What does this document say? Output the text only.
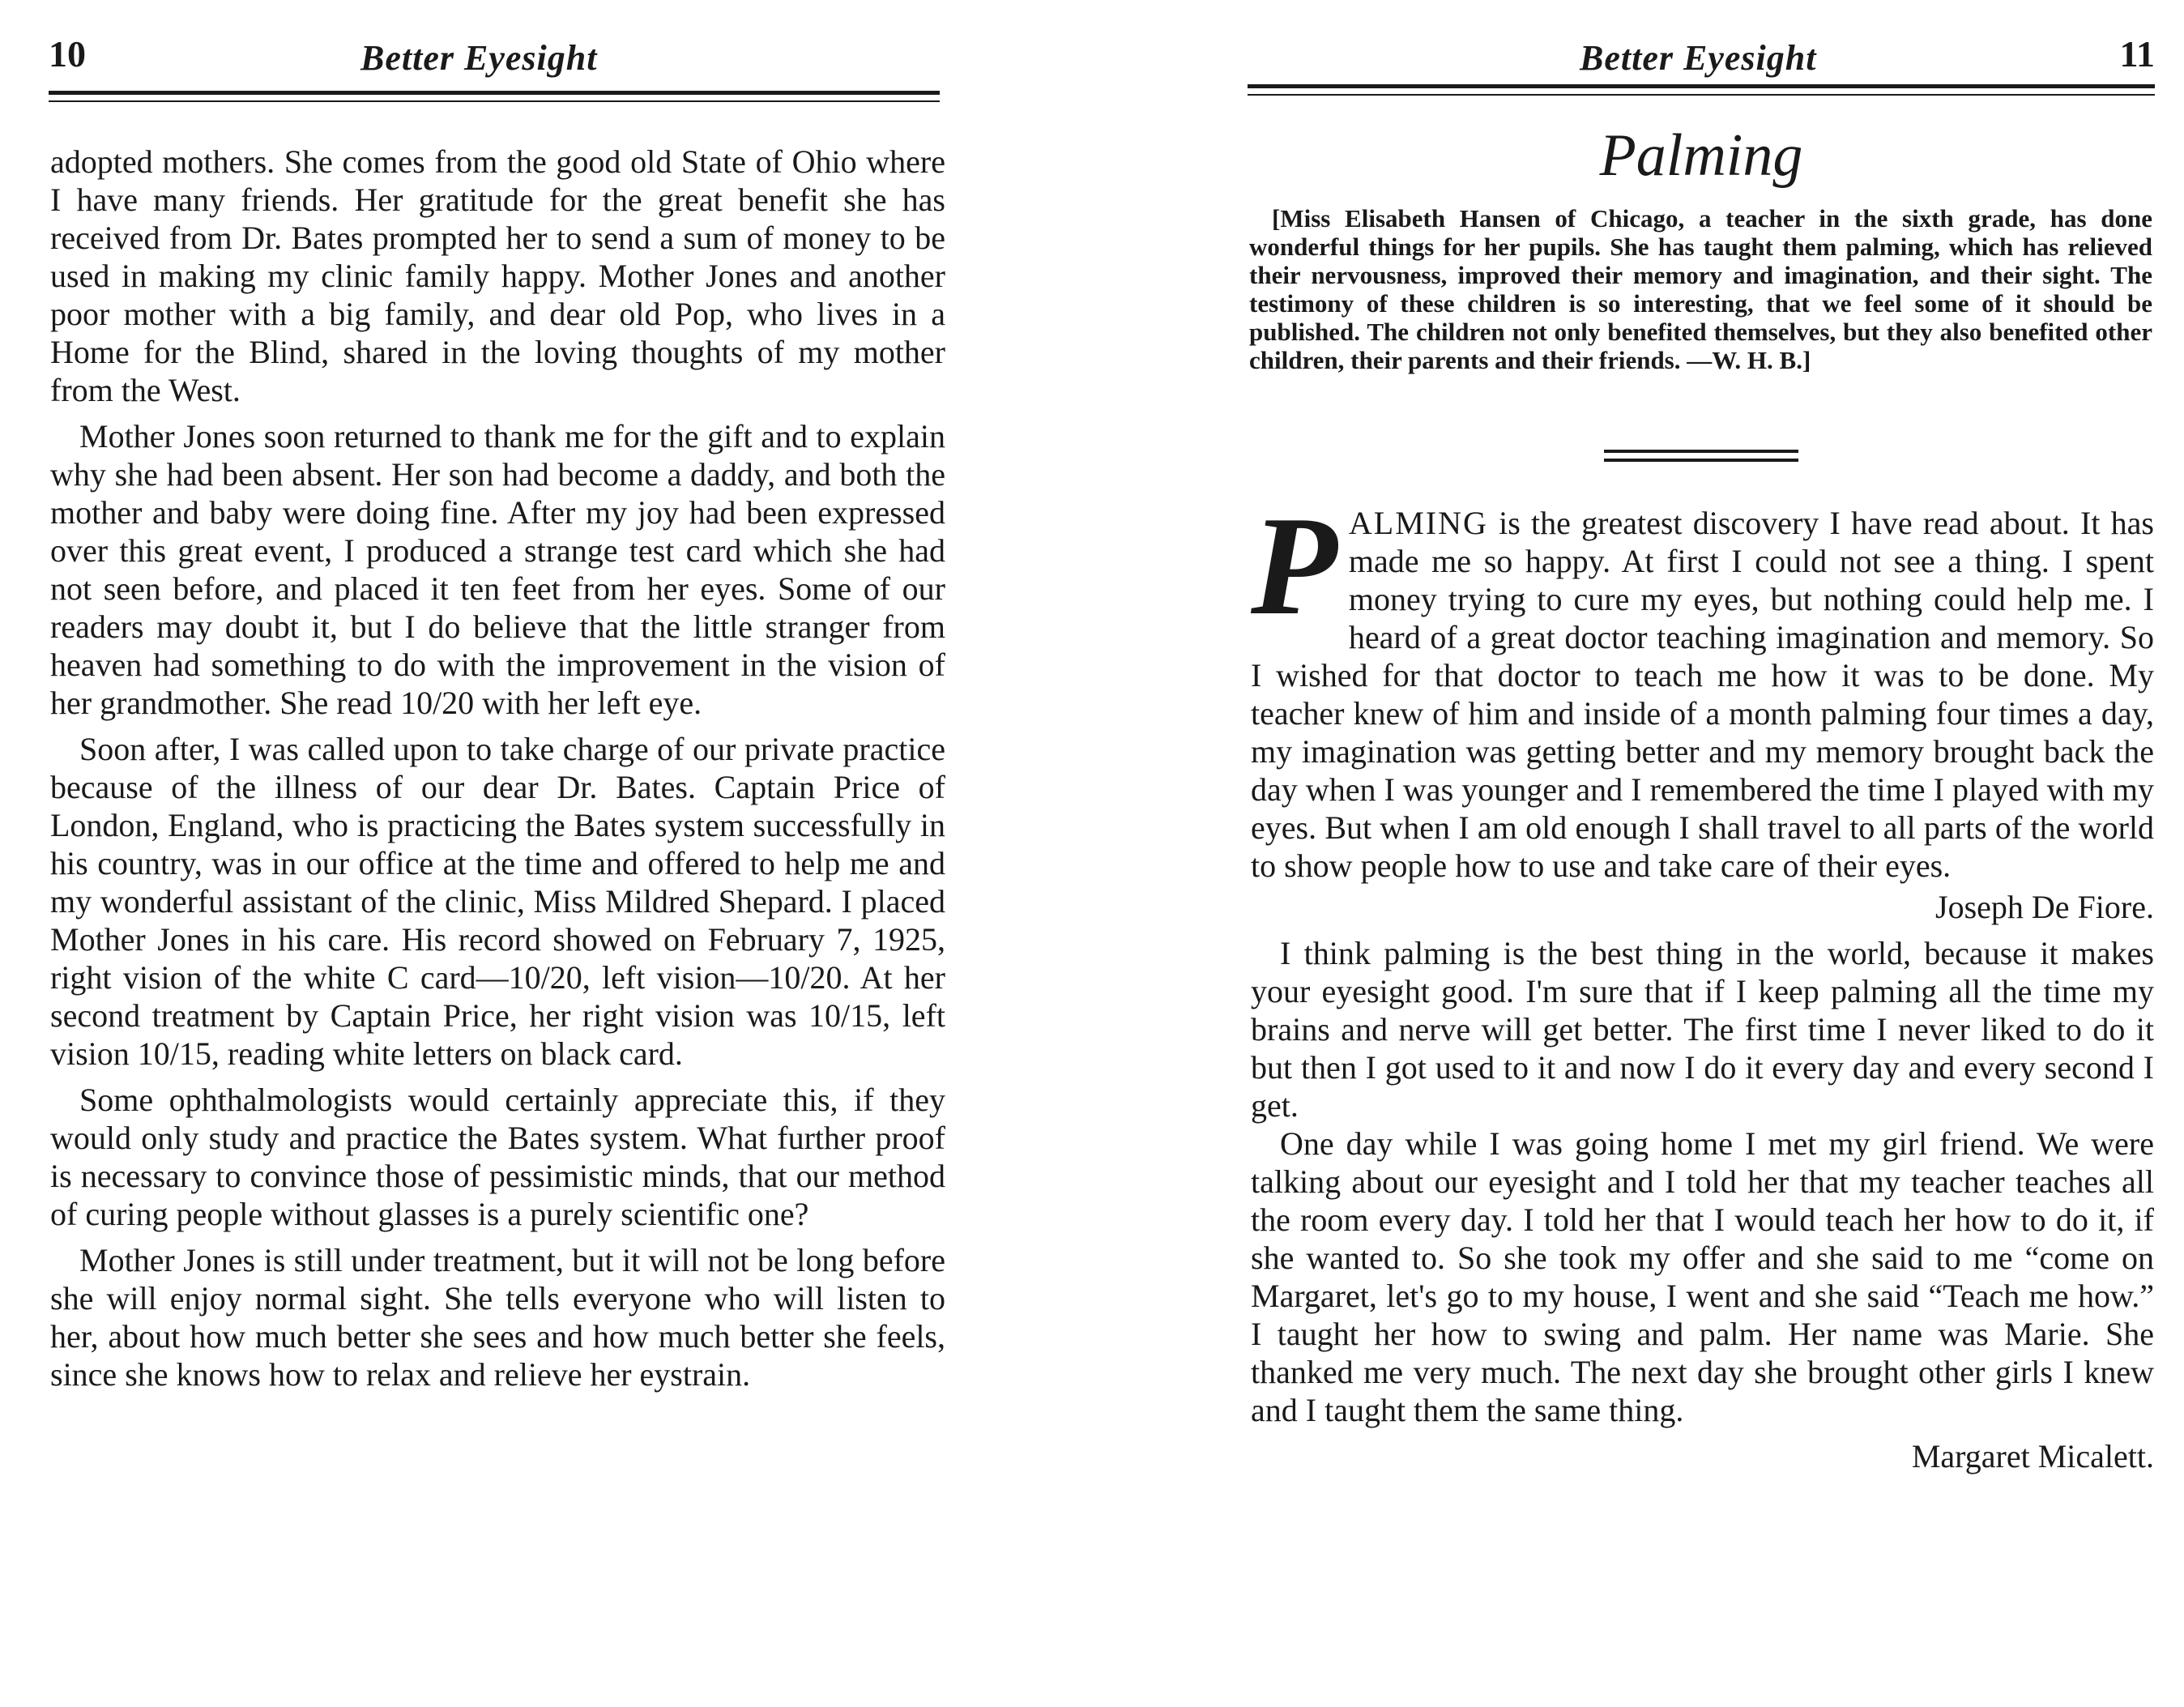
10	Better Eyesight

adopted mothers. She comes from the good old State of Ohio where I have many friends. Her gratitude for the great benefit she has received from Dr. Bates prompted her to send a sum of money to be used in making my clinic family happy. Mother Jones and another poor mother with a big family, and dear old Pop, who lives in a Home for the Blind, shared in the loving thoughts of my mother from the West.

Mother Jones soon returned to thank me for the gift and to explain why she had been absent. Her son had become a daddy, and both the mother and baby were doing fine. After my joy had been expressed over this great event, I produced a strange test card which she had not seen before, and placed it ten feet from her eyes. Some of our readers may doubt it, but I do believe that the little stranger from heaven had something to do with the improvement in the vision of her grandmother. She read 10/20 with her left eye.

Soon after, I was called upon to take charge of our private practice because of the illness of our dear Dr. Bates. Captain Price of London, England, who is practicing the Bates system successfully in his country, was in our office at the time and offered to help me and my wonderful assistant of the clinic, Miss Mildred Shepard. I placed Mother Jones in his care. His record showed on February 7, 1925, right vision of the white C card—10/20, left vision—10/20. At her second treatment by Captain Price, her right vision was 10/15, left vision 10/15, reading white letters on black card.

Some ophthalmologists would certainly appreciate this, if they would only study and practice the Bates system. What further proof is necessary to convince those of pessimistic minds, that our method of curing people without glasses is a purely scientific one?

Mother Jones is still under treatment, but it will not be long before she will enjoy normal sight. She tells everyone who will listen to her, about how much better she sees and how much better she feels, since she knows how to relax and relieve her eystrain.

Better Eyesight	11
Palming

[Miss Elisabeth Hansen of Chicago, a teacher in the sixth grade, has done wonderful things for her pupils. She has taught them palming, which has relieved their nervousness, improved their memory and imagination, and their sight. The testimony of these children is so interesting, that we feel some of it should be published. The children not only benefited themselves, but they also benefited other children, their parents and their friends. —W. H. B.]

PALMING is the greatest discovery I have read about. It has made me so happy. At first I could not see a thing. I spent money trying to cure my eyes, but nothing could help me. I heard of a great doctor teaching imagination and memory. So I wished for that doctor to teach me how it was to be done. My teacher knew of him and inside of a month palming four times a day, my imagination was getting better and my memory brought back the day when I was younger and I remembered the time I played with my eyes. But when I am old enough I shall travel to all parts of the world to show people how to use and take care of their eyes.

Joseph De Fiore.

I think palming is the best thing in the world, because it makes your eyesight good. I'm sure that if I keep palming all the time my brains and nerve will get better. The first time I never liked to do it but then I got used to it and now I do it every day and every second I get.

One day while I was going home I met my girl friend. We were talking about our eyesight and I told her that my teacher teaches all the room every day. I told her that I would teach her how to do it, if she wanted to. So she took my offer and she said to me “come on Margaret, let's go to my house, I went and she said “Teach me how.” I taught her how to swing and palm. Her name was Marie. She thanked me very much. The next day she brought other girls I knew and I taught them the same thing.

Margaret Micalett.
